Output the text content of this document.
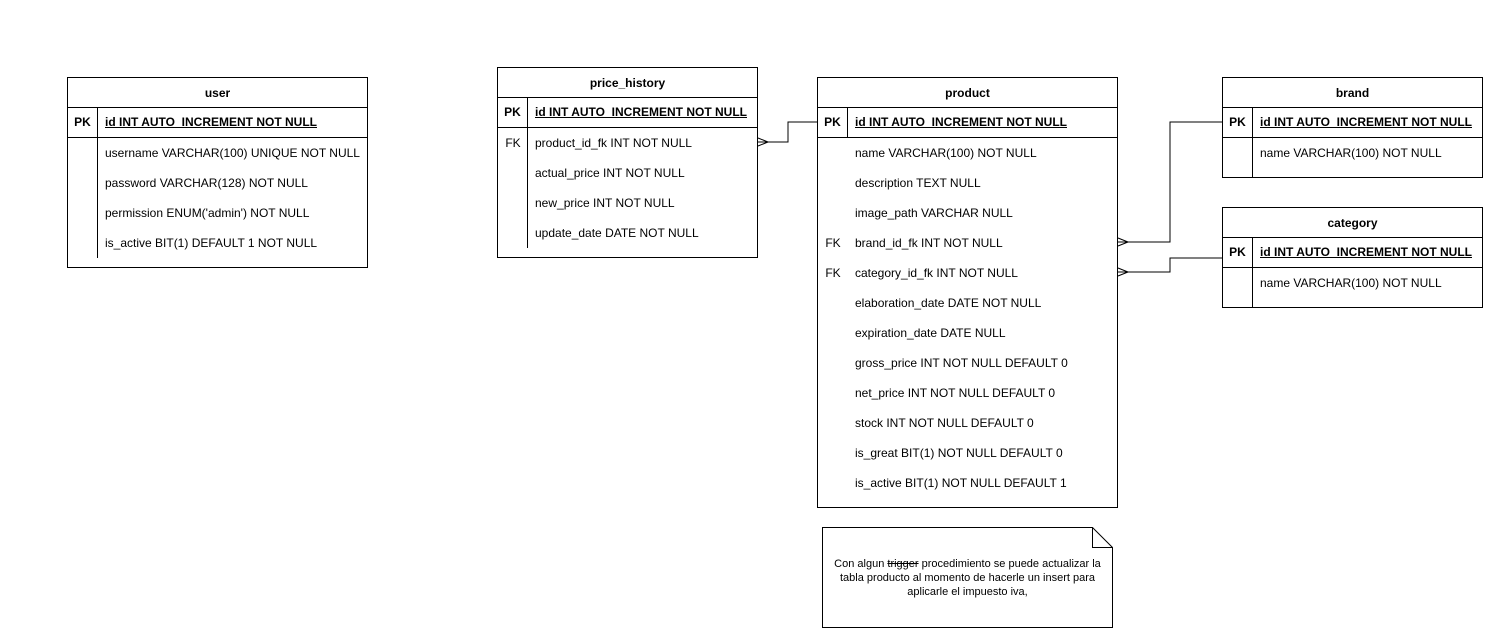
user
PK	id INT AUTO_INCREMENT NOT NULL
username VARCHAR(100) UNIQUE NOT NULL
password VARCHAR(128) NOT NULL
permission ENUM('admin') NOT NULL
is_active BIT(1) DEFAULT 1 NOT NULL
price_history
PK	id INT AUTO_INCREMENT NOT NULL
FK	product_id_fk INT NOT NULL
actual_price INT NOT NULL
new_price INT NOT NULL
update_date DATE NOT NULL
product
PK	id INT AUTO_INCREMENT NOT NULL
name VARCHAR(100) NOT NULL
description TEXT NULL
image_path VARCHAR NULL
FK	brand_id_fk INT NOT NULL
FK	category_id_fk INT NOT NULL
elaboration_date DATE NOT NULL
expiration_date DATE NULL
gross_price INT NOT NULL DEFAULT 0
net_price INT NOT NULL DEFAULT 0
stock INT NOT NULL DEFAULT 0
is_great BIT(1) NOT NULL DEFAULT 0
is_active BIT(1) NOT NULL DEFAULT 1
brand
PK	id INT AUTO_INCREMENT NOT NULL
name VARCHAR(100) NOT NULL
category
PK	id INT AUTO_INCREMENT NOT NULL
name VARCHAR(100) NOT NULL
Con algun trigger procedimiento se puede actualizar la tabla producto al momento de hacerle un insert para aplicarle el impuesto iva,
